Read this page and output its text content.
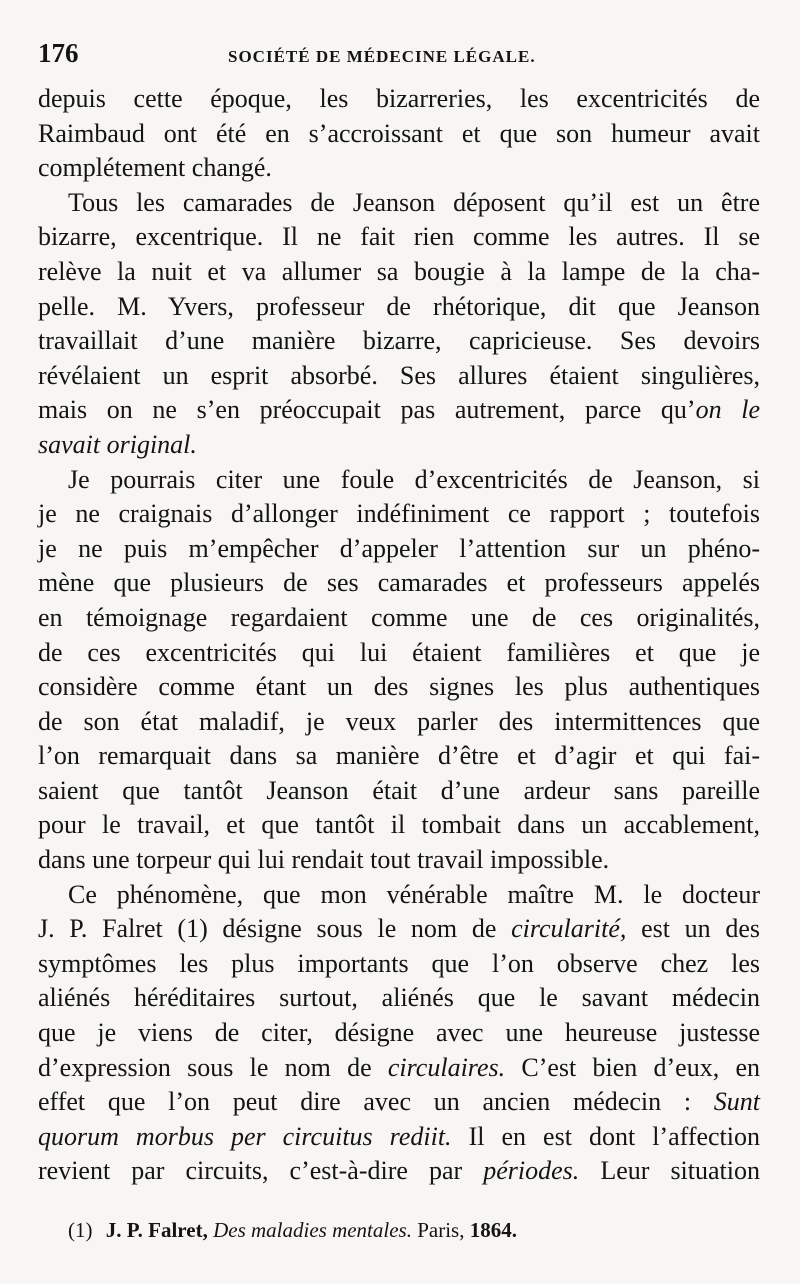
176	SOCIÉTÉ DE MÉDECINE LÉGALE.

depuis cette époque, les bizarreries, les excentricités de
Raimbaud ont été en s’accroissant et que son humeur avait
complétement changé.

Tous les camarades de Jeanson déposent qu’il est un être
bizarre, excentrique. Il ne fait rien comme les autres. Il se
relève la nuit et va allumer sa bougie à la lampe de la cha-
pelle. M. Yvers, professeur de rhétorique, dit que Jeanson
travaillait d’une manière bizarre, capricieuse. Ses devoirs
révélaient un esprit absorbé. Ses allures étaient singulières,
mais on ne s’en préoccupait pas autrement, parce qu’on le
savait original.

Je pourrais citer une foule d’excentricités de Jeanson, si
je ne craignais d’allonger indéfiniment ce rapport ; toutefois
je ne puis m’empêcher d’appeler l’attention sur un phéno-
mène que plusieurs de ses camarades et professeurs appelés
en témoignage regardaient comme une de ces originalités,
de ces excentricités qui lui étaient familières et que je
considère comme étant un des signes les plus authentiques
de son état maladif, je veux parler des intermittences que
l’on remarquait dans sa manière d’être et d’agir et qui fai-
saient que tantôt Jeanson était d’une ardeur sans pareille
pour le travail, et que tantôt il tombait dans un accablement,
dans une torpeur qui lui rendait tout travail impossible.

Ce phénomène, que mon vénérable maître M. le docteur
J. P. Falret (1) désigne sous le nom de circularité, est un des
symptômes les plus importants que l’on observe chez les
aliénés héréditaires surtout, aliénés que le savant médecin
que je viens de citer, désigne avec une heureuse justesse
d’expression sous le nom de circulaires. C’est bien d’eux, en
effet que l’on peut dire avec un ancien médecin : Sunt
quorum morbus per circuitus rediit. Il en est dont l’affection
revient par circuits, c’est-à-dire par périodes. Leur situation

(1) J. P. Falret, Des maladies mentales. Paris, 1864.
